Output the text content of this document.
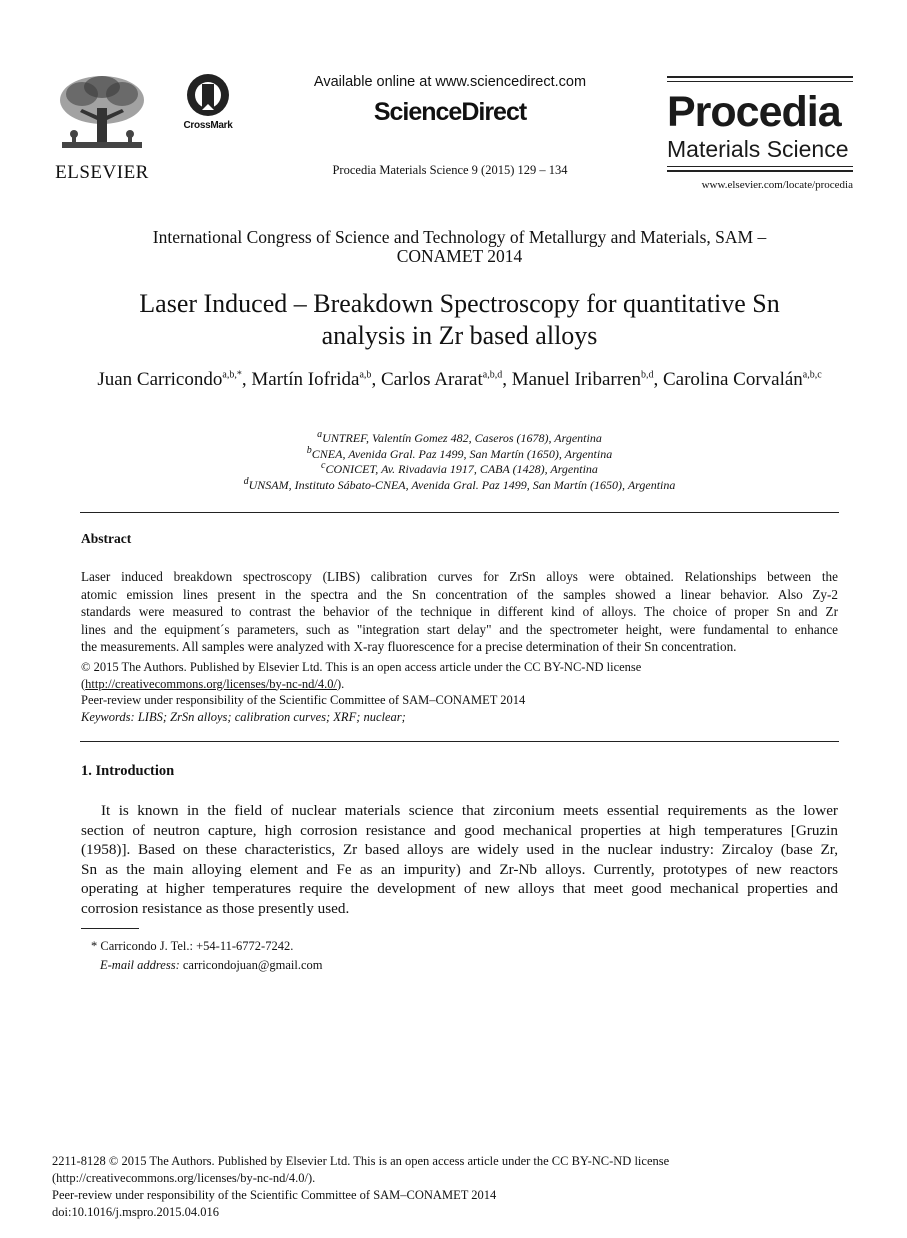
ELSEVIER
CrossMark
Available online at www.sciencedirect.com
ScienceDirect
Procedia Materials Science 9 (2015) 129 – 134
Procedia
Materials Science
www.elsevier.com/locate/procedia
International Congress of Science and Technology of Metallurgy and Materials, SAM –
CONAMET 2014
Laser Induced – Breakdown Spectroscopy for quantitative Sn
analysis in Zr based alloys
Juan Carricondo$^{a,b,*}$, Martín Iofrida$^{a,b}$, Carlos Ararat$^{a,b,d}$, Manuel Iribarren$^{b,d}$, Carolina Corvalán$^{a,b,c}$
$^a$UNTREF, Valentín Gomez 482, Caseros (1678), Argentina
$^b$CNEA, Avenida Gral. Paz 1499, San Martín (1650), Argentina
$^c$CONICET, Av. Rivadavia 1917, CABA (1428), Argentina
$^d$UNSAM, Instituto Sábato-CNEA, Avenida Gral. Paz 1499, San Martín (1650), Argentina
Abstract
Laser induced breakdown spectroscopy (LIBS) calibration curves for ZrSn alloys were obtained. Relationships between the
atomic emission lines present in the spectra and the Sn concentration of the samples showed a linear behavior. Also Zy-2
standards were measured to contrast the behavior of the technique in different kind of alloys. The choice of proper Sn and Zr
lines and the equipment´s parameters, such as "integration start delay" and the spectrometer height, were fundamental to enhance
the measurements. All samples were analyzed with X-ray fluorescence for a precise determination of their Sn concentration.
© 2015 The Authors. Published by Elsevier Ltd. This is an open access article under the CC BY-NC-ND license
(http://creativecommons.org/licenses/by-nc-nd/4.0/).
Peer-review under responsibility of the Scientific Committee of SAM–CONAMET 2014
Keywords: LIBS; ZrSn alloys; calibration curves; XRF; nuclear;
1. Introduction
It is known in the field of nuclear materials science that zirconium meets essential requirements as the lower
section of neutron capture, high corrosion resistance and good mechanical properties at high temperatures [Gruzin
(1958)]. Based on these characteristics, Zr based alloys are widely used in the nuclear industry: Zircaloy (base Zr,
Sn as the main alloying element and Fe as an impurity) and Zr-Nb alloys. Currently, prototypes of new reactors
operating at higher temperatures require the development of new alloys that meet good mechanical properties and
corrosion resistance as those presently used.
* Carricondo J. Tel.: +54-11-6772-7242.
E-mail address: carricondojuan@gmail.com
2211-8128 © 2015 The Authors. Published by Elsevier Ltd. This is an open access article under the CC BY-NC-ND license
(http://creativecommons.org/licenses/by-nc-nd/4.0/).
Peer-review under responsibility of the Scientific Committee of SAM–CONAMET 2014
doi:10.1016/j.mspro.2015.04.016
